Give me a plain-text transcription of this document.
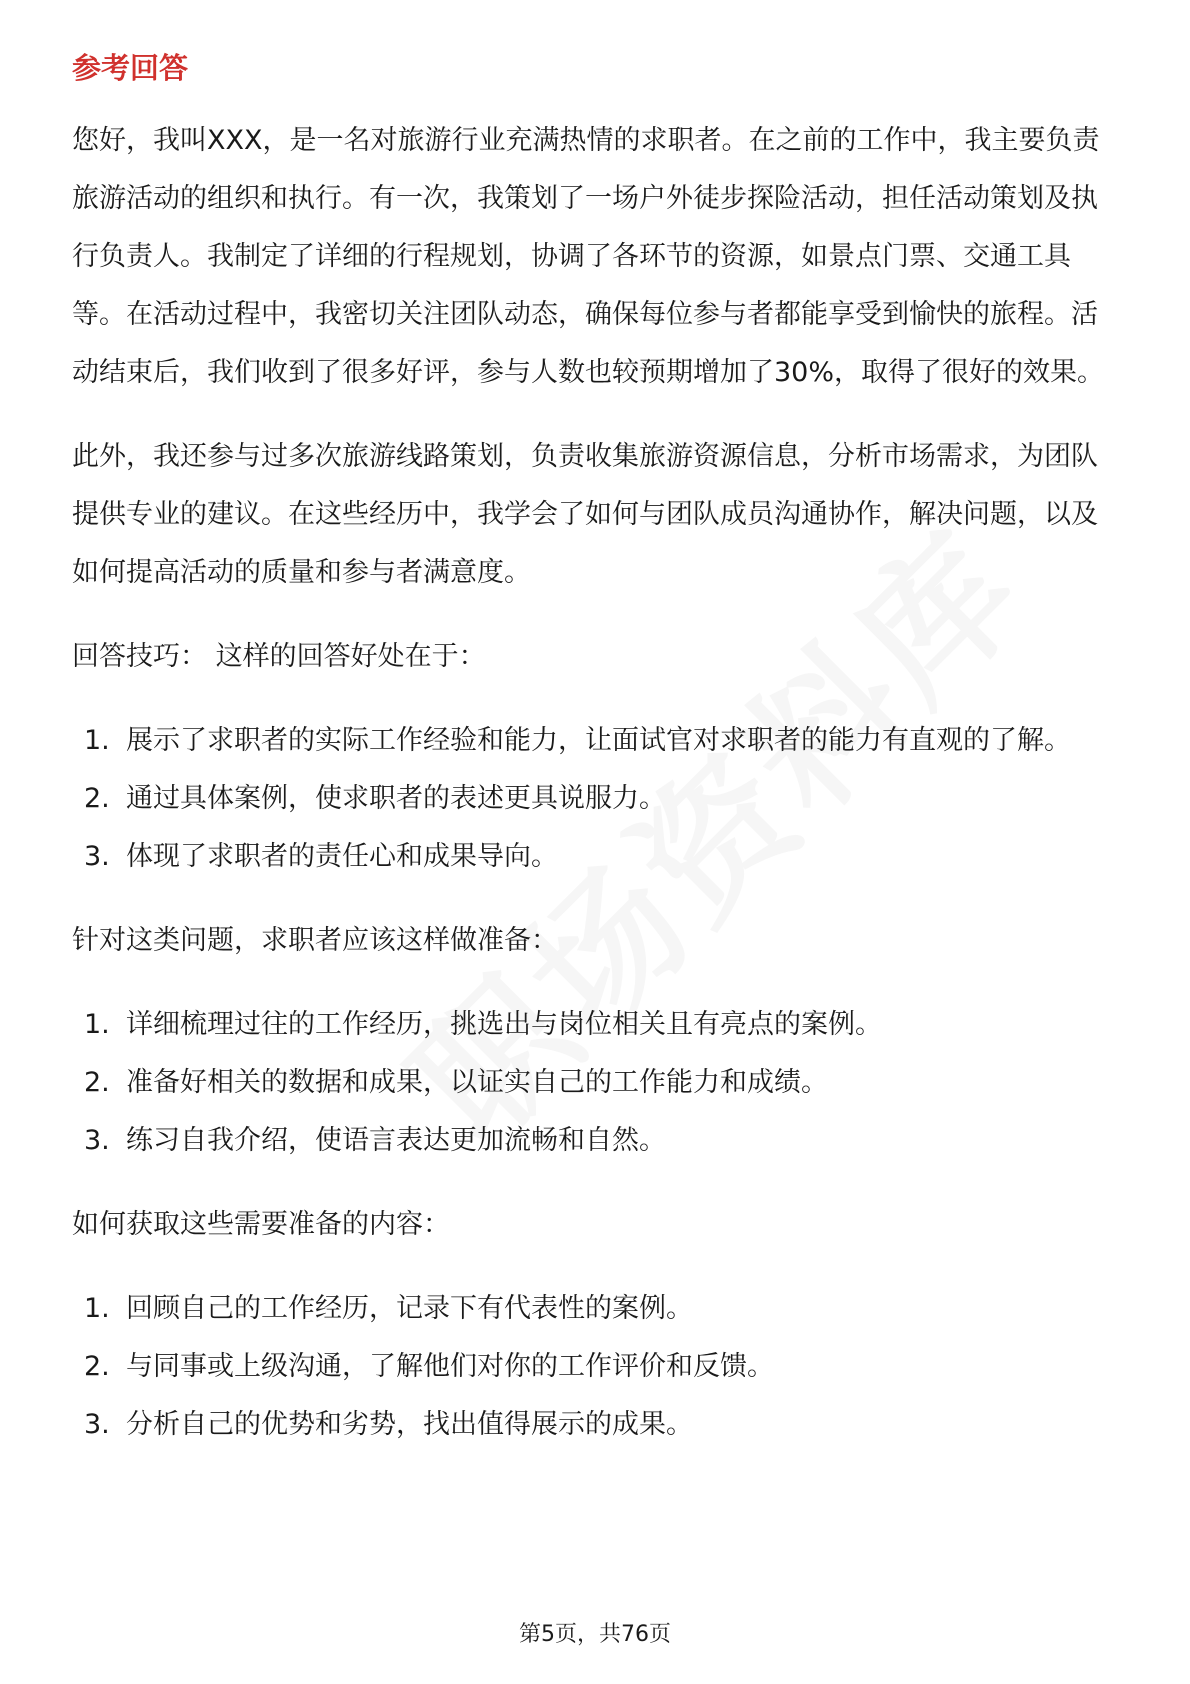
参考回答

您好，我叫XXX，是一名对旅游行业充满热情的求职者。在之前的工作中，我主要负责旅游活动的组织和执行。有一次，我策划了一场户外徒步探险活动，担任活动策划及执行负责人。我制定了详细的行程规划，协调了各环节的资源，如景点门票、交通工具等。在活动过程中，我密切关注团队动态，确保每位参与者都能享受到愉快的旅程。活动结束后，我们收到了很多好评，参与人数也较预期增加了30%，取得了很好的效果。

此外，我还参与过多次旅游线路策划，负责收集旅游资源信息，分析市场需求，为团队提供专业的建议。在这些经历中，我学会了如何与团队成员沟通协作，解决问题，以及如何提高活动的质量和参与者满意度。

回答技巧： 这样的回答好处在于：

1. 展示了求职者的实际工作经验和能力，让面试官对求职者的能力有直观的了解。
2. 通过具体案例，使求职者的表述更具说服力。
3. 体现了求职者的责任心和成果导向。

针对这类问题，求职者应该这样做准备：

1. 详细梳理过往的工作经历，挑选出与岗位相关且有亮点的案例。
2. 准备好相关的数据和成果，以证实自己的工作能力和成绩。
3. 练习自我介绍，使语言表达更加流畅和自然。

如何获取这些需要准备的内容：

1. 回顾自己的工作经历，记录下有代表性的案例。
2. 与同事或上级沟通，了解他们对你的工作评价和反馈。
3. 分析自己的优势和劣势，找出值得展示的成果。
第5页，共76页
